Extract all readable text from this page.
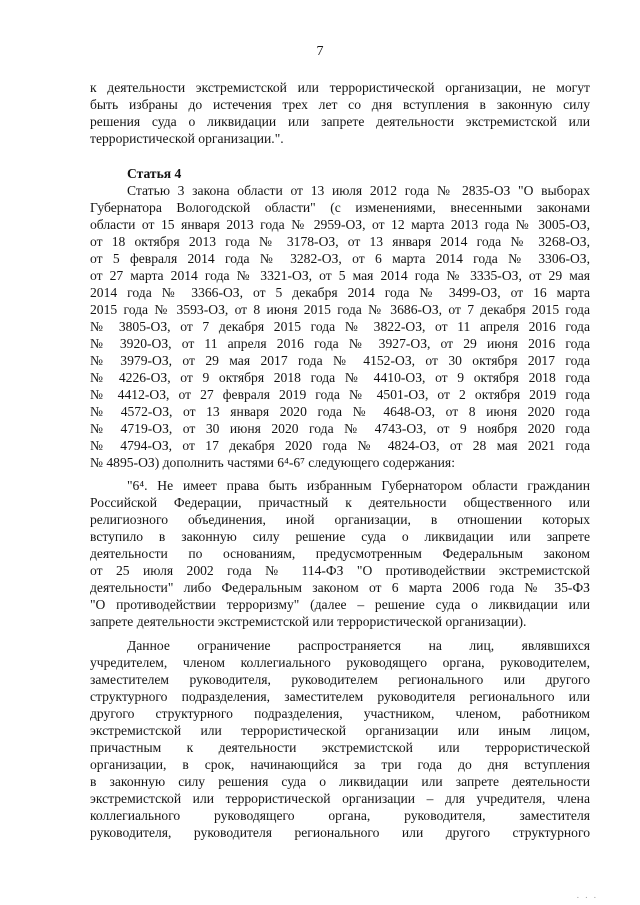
7
к деятельности экстремистской или террористической организации, не могут
быть избраны до истечения трех лет со дня вступления в законную силу
решения суда о ликвидации или запрете деятельности экстремистской или
террористической организации.".
Статья 4
Статью 3 закона области от 13 июля 2012 года № 2835-ОЗ "О выборах
Губернатора Вологодской области" (с изменениями, внесенными законами
области от 15 января 2013 года № 2959-ОЗ, от 12 марта 2013 года № 3005-ОЗ,
от 18 октября 2013 года № 3178-ОЗ, от 13 января 2014 года № 3268-ОЗ,
от 5 февраля 2014 года № 3282-ОЗ, от 6 марта 2014 года № 3306-ОЗ,
от 27 марта 2014 года № 3321-ОЗ, от 5 мая 2014 года № 3335-ОЗ, от 29 мая
2014 года № 3366-ОЗ, от 5 декабря 2014 года № 3499-ОЗ, от 16 марта
2015 года № 3593-ОЗ, от 8 июня 2015 года № 3686-ОЗ, от 7 декабря 2015 года
№ 3805-ОЗ, от 7 декабря 2015 года № 3822-ОЗ, от 11 апреля 2016 года
№ 3920-ОЗ, от 11 апреля 2016 года № 3927-ОЗ, от 29 июня 2016 года
№ 3979-ОЗ, от 29 мая 2017 года № 4152-ОЗ, от 30 октября 2017 года
№ 4226-ОЗ, от 9 октября 2018 года № 4410-ОЗ, от 9 октября 2018 года
№ 4412-ОЗ, от 27 февраля 2019 года № 4501-ОЗ, от 2 октября 2019 года
№ 4572-ОЗ, от 13 января 2020 года № 4648-ОЗ, от 8 июня 2020 года
№ 4719-ОЗ, от 30 июня 2020 года № 4743-ОЗ, от 9 ноября 2020 года
№ 4794-ОЗ, от 17 декабря 2020 года № 4824-ОЗ, от 28 мая 2021 года
№ 4895-ОЗ) дополнить частями 6⁴-6⁷ следующего содержания:
"6⁴. Не имеет права быть избранным Губернатором области гражданин
Российской Федерации, причастный к деятельности общественного или
религиозного объединения, иной организации, в отношении которых
вступило в законную силу решение суда о ликвидации или запрете
деятельности по основаниям, предусмотренным Федеральным законом
от 25 июля 2002 года № 114-ФЗ "О противодействии экстремистской
деятельности" либо Федеральным законом от 6 марта 2006 года № 35-ФЗ
"О противодействии терроризму" (далее – решение суда о ликвидации или
запрете деятельности экстремистской или террористической организации).
Данное ограничение распространяется на лиц, являвшихся
учредителем, членом коллегиального руководящего органа, руководителем,
заместителем руководителя, руководителем регионального или другого
структурного подразделения, заместителем руководителя регионального или
другого структурного подразделения, участником, членом, работником
экстремистской или террористической организации или иным лицом,
причастным к деятельности экстремистской или террористической
организации, в срок, начинающийся за три года до дня вступления
в законную силу решения суда о ликвидации или запрете деятельности
экстремистской или террористической организации – для учредителя, члена
коллегиального руководящего органа, руководителя, заместителя
руководителя, руководителя регионального или другого структурного
. . .
